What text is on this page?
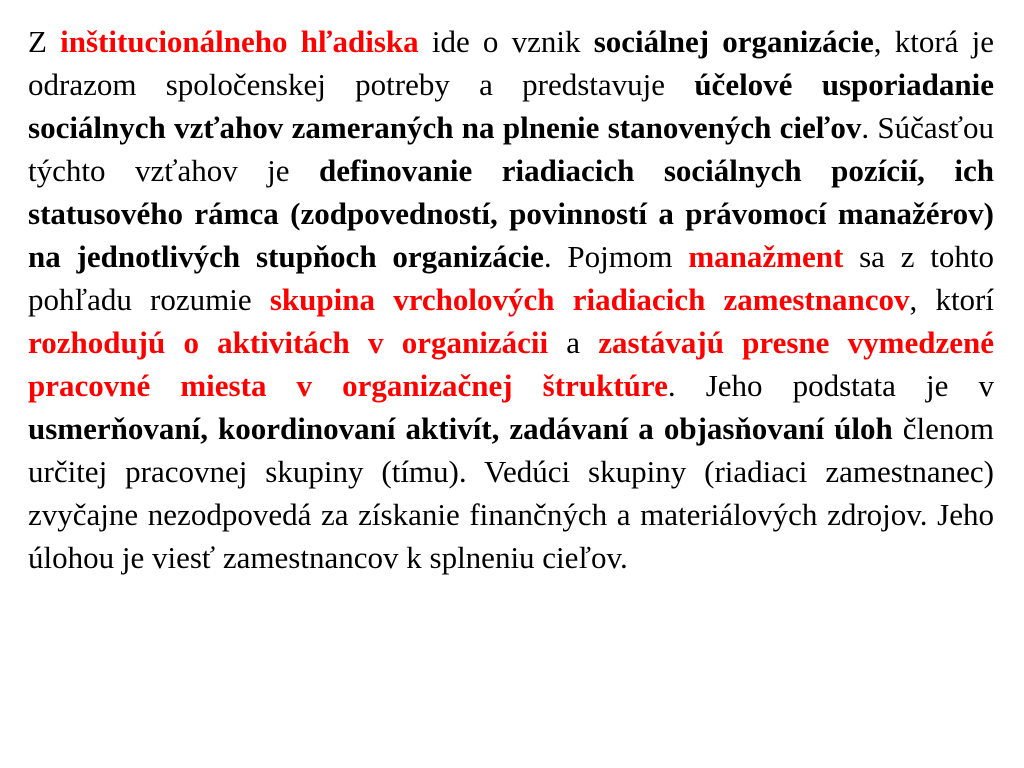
Z inštitucionálneho hľadiska ide o vznik sociálnej organizácie, ktorá je odrazom spoločenskej potreby a predstavuje účelové usporiadanie sociálnych vzťahov zameraných na plnenie stanovených cieľov. Súčasťou týchto vzťahov je definovanie riadiacich sociálnych pozícií, ich statusového rámca (zodpovedností, povinností a právomocí manažérov) na jednotlivých stupňoch organizácie. Pojmom manažment sa z tohto pohľadu rozumie skupina vrcholových riadiacich zamestnancov, ktorí rozhodujú o aktivitách v organizácii a zastávajú presne vymedzené pracovné miesta v organizačnej štruktúre. Jeho podstata je v usmerňovaní, koordinovaní aktivít, zadávaní a objasňovaní úloh členom určitej pracovnej skupiny (tímu). Vedúci skupiny (riadiaci zamestnanec) zvyčajne nezodpovedá za získanie finančných a materiálových zdrojov. Jeho úlohou je viesť zamestnancov k splneniu cieľov.
